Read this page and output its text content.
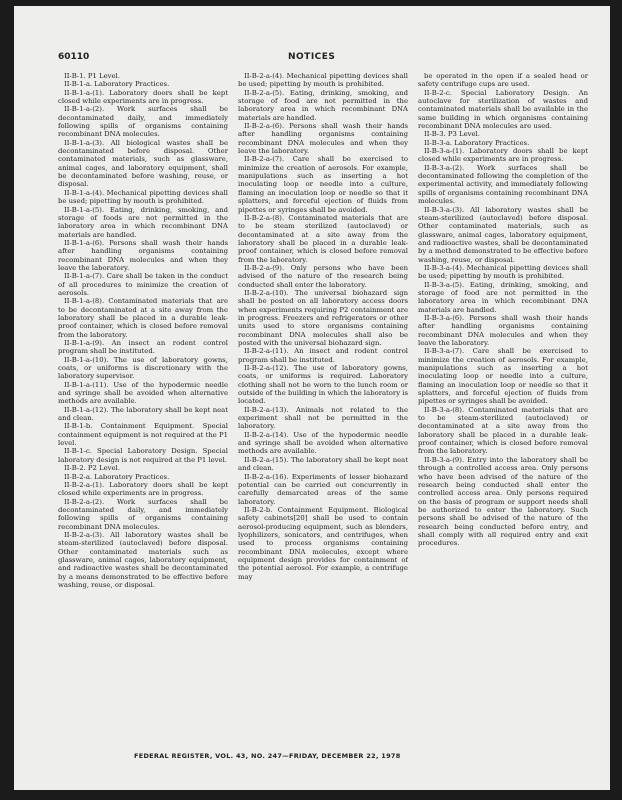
60110	NOTICES

II-B-1. P1 Level.

II-B-1-a. Laboratory Practices.

II-B-1-a-(1). Laboratory doors shall be kept closed while experiments are in progress.

II-B-1-a-(2). Work surfaces shall be decontaminated daily, and immediately following spills of organisms containing recombinant DNA molecules.

II-B-1-a-(3). All biological wastes shall be decontaminated before disposal. Other contaminated materials, such as glassware, animal cages, and laboratory equipment, shall be decontaminated before washing, reuse, or disposal.

II-B-1-a-(4). Mechanical pipetting devices shall be used; pipetting by mouth is prohibited.

II-B-1-a-(5). Eating, drinking, smoking, and storage of foods are not permitted in the laboratory area in which recombinant DNA materials are handled.

II-B-1-a-(6). Persons shall wash their hands after handling organisms containing recombinant DNA molecules and when they leave the laboratory.

II-B-1-a-(7). Care shall be taken in the conduct of all procedures to minimize the creation of aerosols.

II-B-1-a-(8). Contaminated materials that are to be decontaminated at a site away from the laboratory shall be placed in a durable leak-proof container, which is closed before removal from the laboratory.

II-B-1-a-(9). An insect an rodent control program shall be instituted.

II-B-1-a-(10). The use of laboratory gowns, coats, or uniforms is discretionary with the laboratory supervisor.

II-B-1-a-(11). Use of the hypodermic needle and syringe shall be avoided when alternative methods are available.

II-B-1-a-(12). The laboratory shall be kept neat and clean.

II-B-1-b. Containment Equipment. Special containment equipment is not required at the P1 level.

II-B-1-c. Special Laboratory Design. Special laboratory design is not required at the P1 level.

II-B-2. P2 Level.

II-B-2-a. Laboratory Practices.

II-B-2-a-(1). Laboratory doors shall be kept closed while experiments are in progress.

II-B-2-a-(2). Work surfaces shall be decontaminated daily, and immediately following spills of organisms containing recombinant DNA molecules.

II-B-2-a-(3). All laboratory wastes shall be steam-sterilized (autoclaved) before disposal. Other contaminated materials such as glassware, animal cages, laboratory equipment, and radioactive wastes shall be decontaminated by a means demonstrated to be effective before washing, reuse, or disposal.

II-B-2-a-(4). Mechanical pipetting devices shall be used; pipetting by mouth is prohibited.

II-B-2-a-(5). Eating, drinking, smoking, and storage of food are not permitted in the laboratory area in which recombinant DNA materials are handled.

II-B-2-a-(6). Persons shall wash their hands after handling organisms containing recombinant DNA molecules and when they leave the laboratory.

II-B-2-a-(7). Care shall be exercised to minimize the creation of aerosols. For example, manipulations such as inserting a hot inoculating loop or needle into a culture, flaming an inoculation loop or needle so that it splatters, and forceful ejection of fluids from pipettes or syringes shall be avoided.

II-B-2-a-(8). Contaminated materials that are to be steam sterilized (autoclaved) or decontaminated at a site away from the laboratory shall be placed in a durable leak-proof container, which is closed before removal from the laboratory.

II-B-2-a-(9). Only persons who have been advised of the nature of the research being conducted shall enter the laboratory.

II-B-2-a-(10). The universal biohazard sign shall be posted on all laboratory access doors when experiments requiring P2 containment are in progress. Freezers and refrigerators or other units used to store organisms containing recombinant DNA molecules shall also be posted with the universal biohazard sign.

II-B-2-a-(11). An insect and rodent control program shall be instituted.

II-B-2-a-(12). The use of laboratory gowns, coats, or uniforms is required. Laboratory clothing shall not be worn to the lunch room or outside of the building in which the laboratory is located.

II-B-2-a-(13). Animals not related to the experiment shall not be permitted in the laboratory.

II-B-2-a-(14). Use of the hypodermic needle and syringe shall be avoided when alternative methods are available.

II-B-2-a-(15). The laboratory shall be kept neat and clean.

II-B-2-a-(16). Experiments of lesser biohazard potential can be carried out concurrently in carefully demarcated areas of the same laboratory.

II-B-2-b. Containment Equipment. Biological safety cabinets[20] shall be used to contain aerosol-producing equipment, such as blenders, lyophilizers, sonicators, and centrifuges, when used to process organisms containing recombinant DNA molecules, except where equipment design provides for containment of the potential aerosol. For example, a centrifuge may

be operated in the open if a sealed head or safety centrifuge cups are used.

II-B-2-c. Special Laboratory Design. An autoclave for sterilization of wastes and contaminated materials shall be available in the same building in which organisms containing recombinant DNA molecules are used.

II-B-3. P3 Level.

II-B-3-a. Laboratory Practices.

II-B-3-a-(1). Laboratory doors shall be kept closed while experiments are in progress.

II-B-3-a-(2). Work surfaces shall be decontaminated following the completion of the experimental activity, and immediately following spills of organisms containing recombinant DNA molecules.

II-B-3-a-(3). All laboratory wastes shall be steam-sterilized (autoclaved) before disposal. Other contaminated materials, such as glassware, animal cages, laboratory equipment, and radioactive wastes, shall be decontaminated by a method demonstrated to be effective before washing, reuse, or disposal.

II-B-3-a-(4). Mechanical pipetting devices shall be used; pipetting by mouth is prohibited.

II-B-3-a-(5). Eating, drinking, smoking, and storage of food are not permitted in the laboratory area in which recombinant DNA materials are handled.

II-B-3-a-(6). Persons shall wash their hands after handling organisms containing recombinant DNA molecules and when they leave the laboratory.

II-B-3-a-(7). Care shall be exercised to minimize the creation of aerosols. For example, manipulations such as inserting a hot inoculating loop or needle into a culture, flaming an inoculation loop or needle so that it splatters, and forceful ejection of fluids from pipettes or syringes shall be avoided.

II-B-3-a-(8). Contaminated materials that are to be steam-sterilized (autoclaved) or decontaminated at a site away from the laboratory shall be placed in a durable leak-proof container, which is closed before removal from the laboratory.

II-B-3-a-(9). Entry into the laboratory shall be through a controlled access area. Only persons who have been advised of the nature of the research being conducted shall enter the controlled access area. Only persons required on the basis of program or support needs shall be authorized to enter the laboratory. Such persons shall be advised of the nature of the research being conducted before entry, and shall comply with all required entry and exit procedures.

FEDERAL REGISTER, VOL. 43, NO. 247—FRIDAY, DECEMBER 22, 1978
